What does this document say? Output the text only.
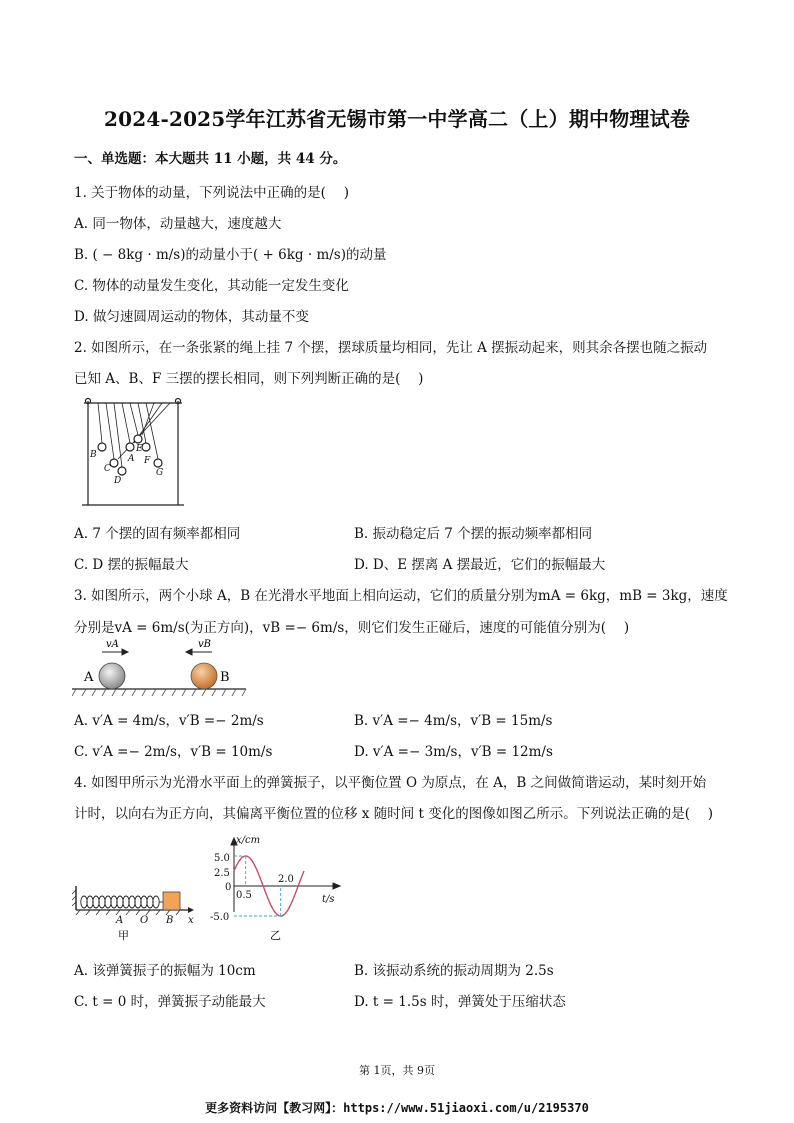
2024-2025学年江苏省无锡市第一中学高二（上）期中物理试卷
一、单选题：本大题共 11 小题，共 44 分。
1. 关于物体的动量，下列说法中正确的是(　 )
A. 同一物体，动量越大，速度越大
B. ( − 8kg · m/s)的动量小于( + 6kg · m/s)的动量
C. 物体的动量发生变化，其动能一定发生变化
D. 做匀速圆周运动的物体，其动量不变
2. 如图所示，在一条张紧的绳上挂 7 个摆，摆球质量均相同，先让 A 摆振动起来，则其余各摆也随之振动
已知 A、B、F 三摆的摆长相同，则下列判断正确的是(　 )
B
C
D
A
E
F
G
A. 7 个摆的固有频率都相同	B. 振动稳定后 7 个摆的振动频率都相同
C. D 摆的振幅最大	D. D、E 摆离 A 摆最近，它们的振幅最大
3. 如图所示，两个小球 A，B 在光滑水平地面上相向运动，它们的质量分别为mA = 6kg，mB = 3kg，速度
分别是vA = 6m/s(为正方向)，vB =− 6m/s，则它们发生正碰后，速度的可能值分别为(　 )
vA	vB
A	B
A. v′A = 4m/s，v′B =− 2m/s	B. v′A =− 4m/s，v′B = 15m/s
C. v′A =− 2m/s，v′B = 10m/s	D. v′A =− 3m/s，v′B = 12m/s
4. 如图甲所示为光滑水平面上的弹簧振子，以平衡位置 O 为原点，在 A，B 之间做简谐运动，某时刻开始
计时，以向右为正方向，其偏离平衡位置的位移 x 随时间 t 变化的图像如图乙所示。下列说法正确的是(　 )
A O B x
甲
x/cm
t/s
0
5.0
2.5
-5.0
0.5
2.0
乙
A. 该弹簧振子的振幅为 10cm	B. 该振动系统的振动周期为 2.5s
C. t = 0 时，弹簧振子动能最大	D. t = 1.5s 时，弹簧处于压缩状态
第 1页，共 9页
更多资料访问【教习网】：https://www.51jiaoxi.com/u/2195370
